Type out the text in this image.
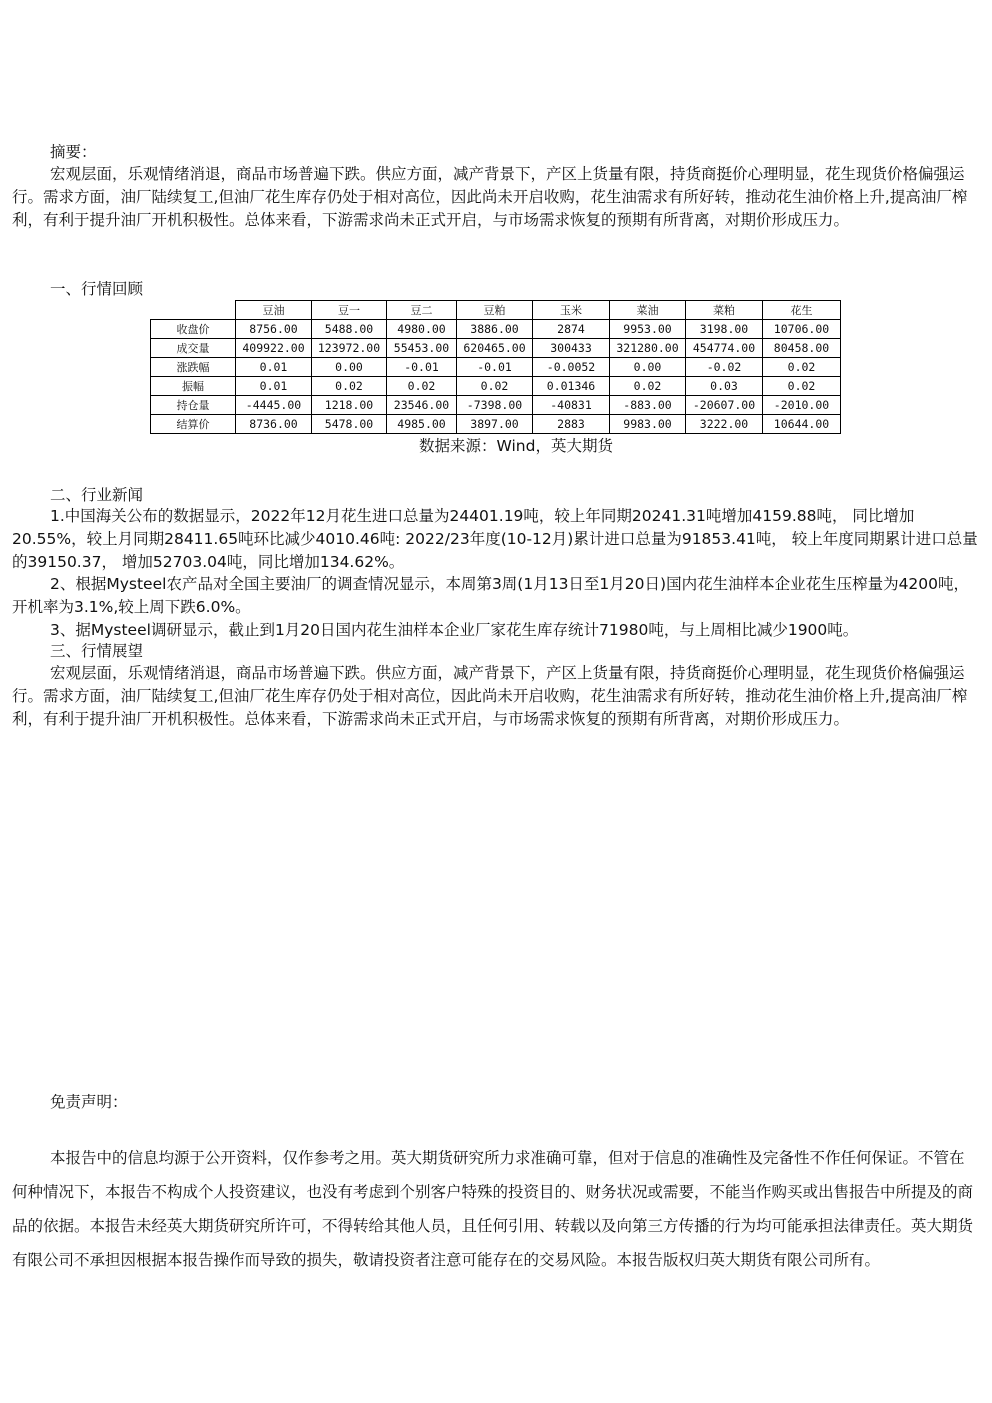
摘要：
宏观层面，乐观情绪消退，商品市场普遍下跌。供应方面，减产背景下，产区上货量有限，持货商挺价心理明显，花生现货价格偏强运行。需求方面，油厂陆续复工,但油厂花生库存仍处于相对高位，因此尚未开启收购，花生油需求有所好转，推动花生油价格上升,提高油厂榨利，有利于提升油厂开机积极性。总体来看，下游需求尚未正式开启，与市场需求恢复的预期有所背离，对期价形成压力。
一、行情回顾
	豆油	豆一	豆二	豆粕	玉米	菜油	菜粕	花生
收盘价	8756.00	5488.00	4980.00	3886.00	2874	9953.00	3198.00	10706.00
成交量	409922.00	123972.00	55453.00	620465.00	300433	321280.00	454774.00	80458.00
涨跌幅	0.01	0.00	-0.01	-0.01	-0.0052	0.00	-0.02	0.02
振幅	0.01	0.02	0.02	0.02	0.01346	0.02	0.03	0.02
持仓量	-4445.00	1218.00	23546.00	-7398.00	-40831	-883.00	-20607.00	-2010.00
结算价	8736.00	5478.00	4985.00	3897.00	2883	9983.00	3222.00	10644.00
数据来源：Wind，英大期货
二、行业新闻
1.中国海关公布的数据显示，2022年12月花生进口总量为24401.19吨，较上年同期20241.31吨增加4159.88吨， 同比增加20.55%，较上月同期28411.65吨环比减少4010.46吨: 2022/23年度(10-12月)累计进口总量为91853.41吨， 较上年度同期累计进口总量的39150.37， 增加52703.04吨，同比增加134.62%。
2、根据Mysteel农产品对全国主要油厂的调查情况显示，本周第3周(1月13日至1月20日)国内花生油样本企业花生压榨量为4200吨，开机率为3.1%,较上周下跌6.0%。
3、据Mysteel调研显示，截止到1月20日国内花生油样本企业厂家花生库存统计71980吨，与上周相比减少1900吨。
三、行情展望
宏观层面，乐观情绪消退，商品市场普遍下跌。供应方面，减产背景下，产区上货量有限，持货商挺价心理明显，花生现货价格偏强运行。需求方面，油厂陆续复工,但油厂花生库存仍处于相对高位，因此尚未开启收购，花生油需求有所好转，推动花生油价格上升,提高油厂榨利，有利于提升油厂开机积极性。总体来看，下游需求尚未正式开启，与市场需求恢复的预期有所背离，对期价形成压力。
免责声明：
本报告中的信息均源于公开资料，仅作参考之用。英大期货研究所力求准确可靠，但对于信息的准确性及完备性不作任何保证。不管在何种情况下，本报告不构成个人投资建议，也没有考虑到个别客户特殊的投资目的、财务状况或需要，不能当作购买或出售报告中所提及的商品的依据。本报告未经英大期货研究所许可，不得转给其他人员，且任何引用、转载以及向第三方传播的行为均可能承担法律责任。英大期货有限公司不承担因根据本报告操作而导致的损失，敬请投资者注意可能存在的交易风险。本报告版权归英大期货有限公司所有。
